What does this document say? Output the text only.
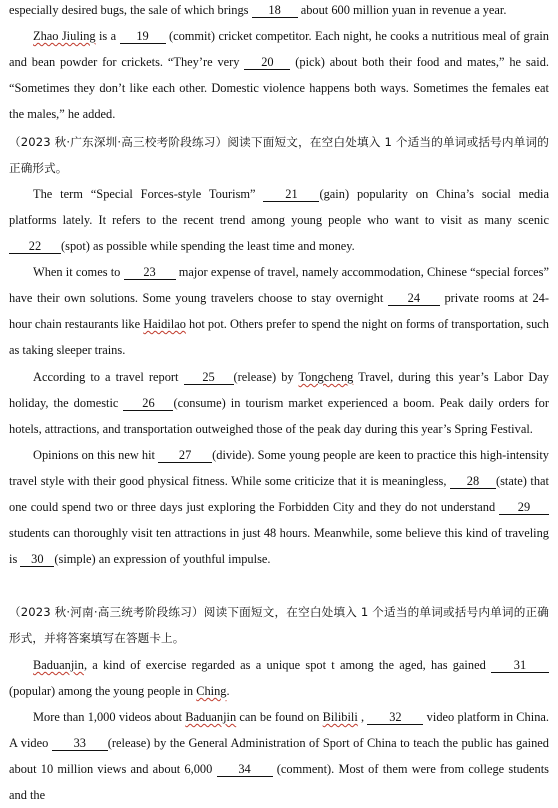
especially desired bugs, the sale of which brings 18 about 600 million yuan in revenue a year.
Zhao Jiuling is a 19 (commit) cricket competitor. Each night, he cooks a nutritious meal of grain and bean powder for crickets. “They’re very 20 (pick) about both their food and mates,” he said. “Sometimes they don’t like each other. Domestic violence happens both ways. Sometimes the females eat the males,” he added.
（2023 秋·广东深圳·高三校考阶段练习）阅读下面短文，在空白处填入 1 个适当的单词或括号内单词的正确形式。
The term “Special Forces-style Tourism” 21 (gain) popularity on China’s social media platforms lately. It refers to the recent trend among young people who want to visit as many scenic 22 (spot) as possible while spending the least time and money.
When it comes to 23 major expense of travel, namely accommodation, Chinese “special forces” have their own solutions. Some young travelers choose to stay overnight 24 private rooms at 24-hour chain restaurants like Haidilao hot pot. Others prefer to spend the night on forms of transportation, such as taking sleeper trains.
According to a travel report 25 (release) by Tongcheng Travel, during this year’s Labor Day holiday, the domestic 26 (consume) in tourism market experienced a boom. Peak daily orders for hotels, attractions, and transportation outweighed those of the peak day during this year’s Spring Festival.
Opinions on this new hit 27 (divide). Some young people are keen to practice this high-intensity travel style with their good physical fitness. While some criticize that it is meaningless, 28 (state) that one could spend two or three days just exploring the Forbidden City and they do not understand 29 students can thoroughly visit ten attractions in just 48 hours. Meanwhile, some believe this kind of traveling is 30 (simple) an expression of youthful impulse.
（2023 秋·河南·高三统考阶段练习）阅读下面短文，在空白处填入 1 个适当的单词或括号内单词的正确形式，并将答案填写在答题卡上。
Baduanjin, a kind of exercise regarded as a unique spot t among the aged, has gained 31 (popular) among the young people in Ching.
More than 1,000 videos about Baduanjin can be found on Bilibili , 32 video platform in China. A video 33 (release) by the General Administration of Sport of China to teach the public has gained about 10 million views and about 6,000 34 (comment). Most of them were from college students and the
